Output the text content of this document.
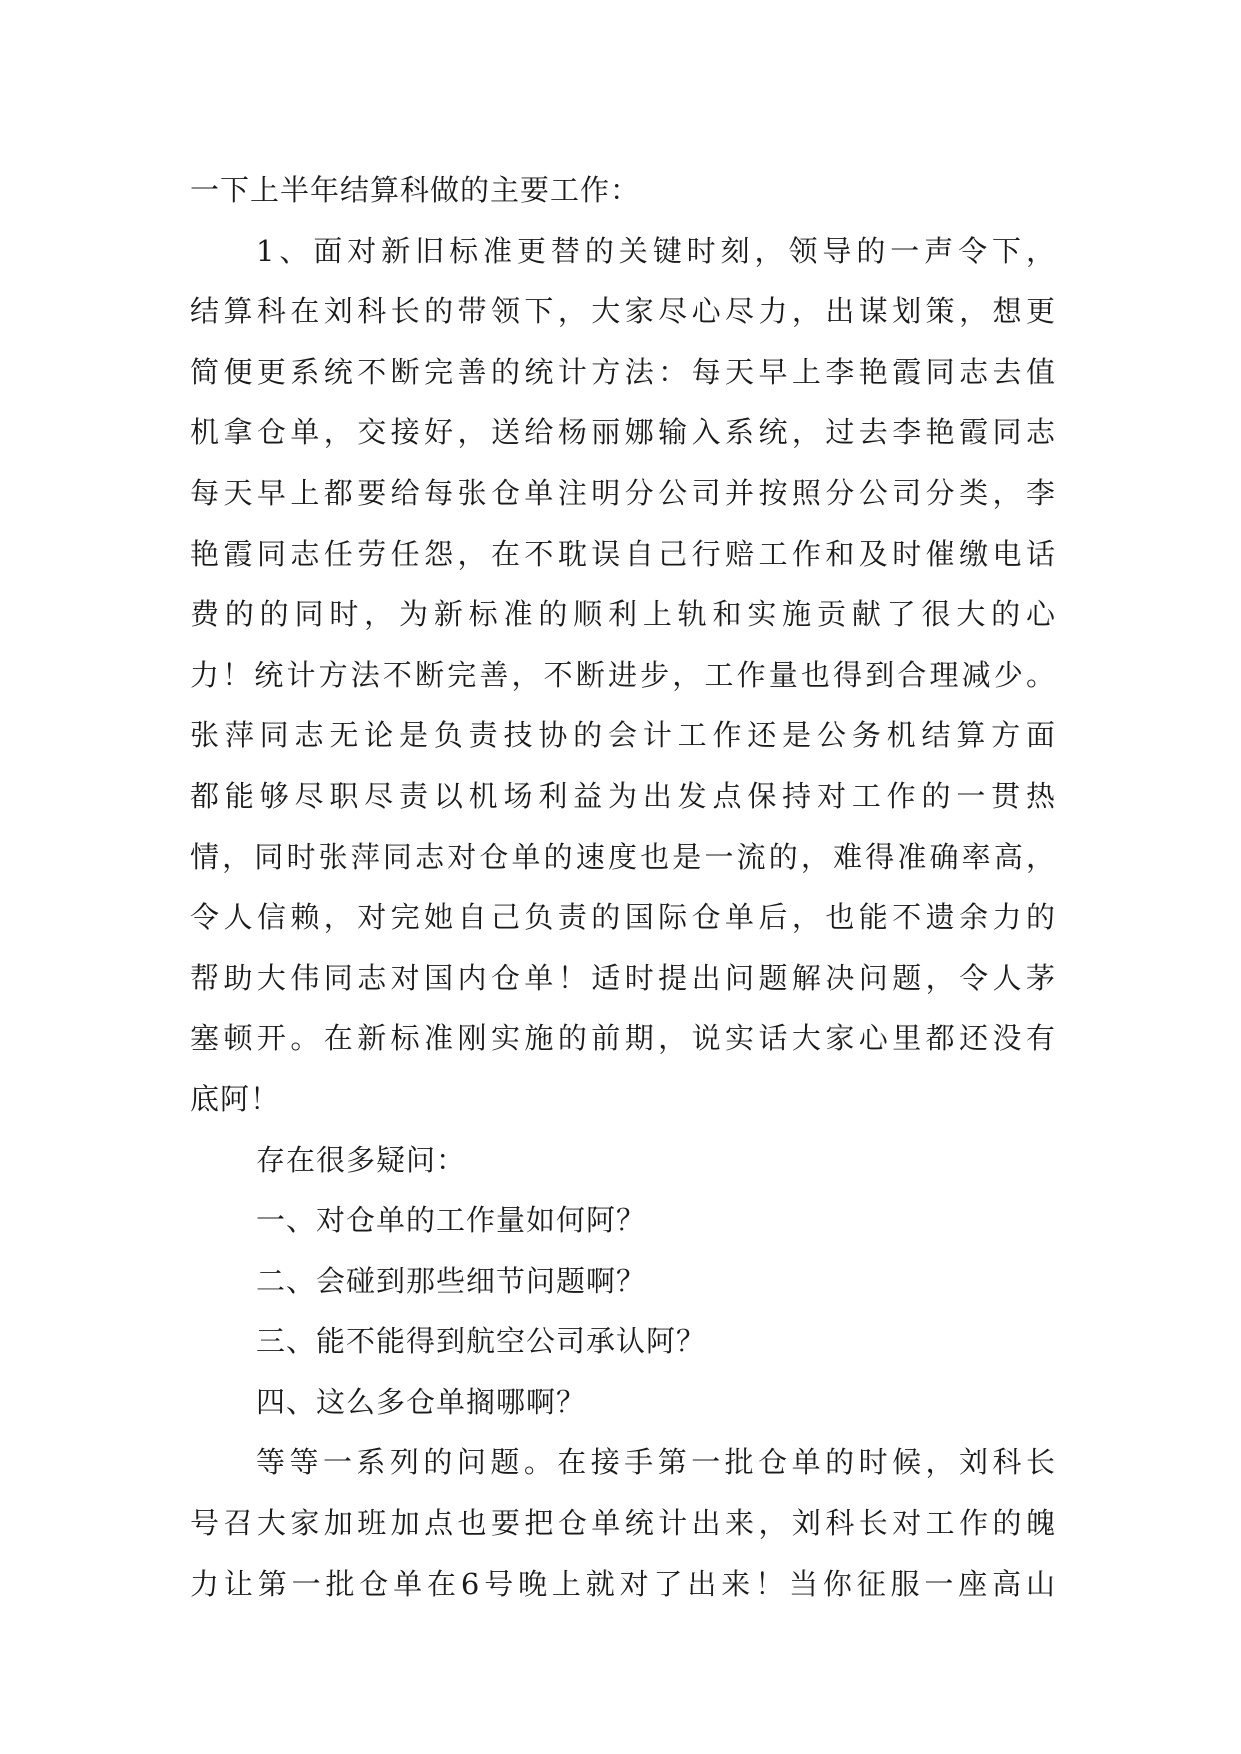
一下上半年结算科做的主要工作：
1、面对新旧标准更替的关键时刻，领导的一声令下，
结算科在刘科长的带领下，大家尽心尽力，出谋划策，想更
简便更系统不断完善的统计方法：每天早上李艳霞同志去值
机拿仓单，交接好，送给杨丽娜输入系统，过去李艳霞同志
每天早上都要给每张仓单注明分公司并按照分公司分类，李
艳霞同志任劳任怨，在不耽误自己行赔工作和及时催缴电话
费的的同时，为新标准的顺利上轨和实施贡献了很大的心
力！统计方法不断完善，不断进步，工作量也得到合理减少。
张萍同志无论是负责技协的会计工作还是公务机结算方面
都能够尽职尽责以机场利益为出发点保持对工作的一贯热
情，同时张萍同志对仓单的速度也是一流的，难得准确率高，
令人信赖，对完她自己负责的国际仓单后，也能不遗余力的
帮助大伟同志对国内仓单！适时提出问题解决问题，令人茅
塞顿开。在新标准刚实施的前期，说实话大家心里都还没有
底阿！
存在很多疑问：
一、对仓单的工作量如何阿？
二、会碰到那些细节问题啊？
三、能不能得到航空公司承认阿？
四、这么多仓单搁哪啊？
等等一系列的问题。在接手第一批仓单的时候，刘科长
号召大家加班加点也要把仓单统计出来，刘科长对工作的魄
力让第一批仓单在6号晚上就对了出来！当你征服一座高山
